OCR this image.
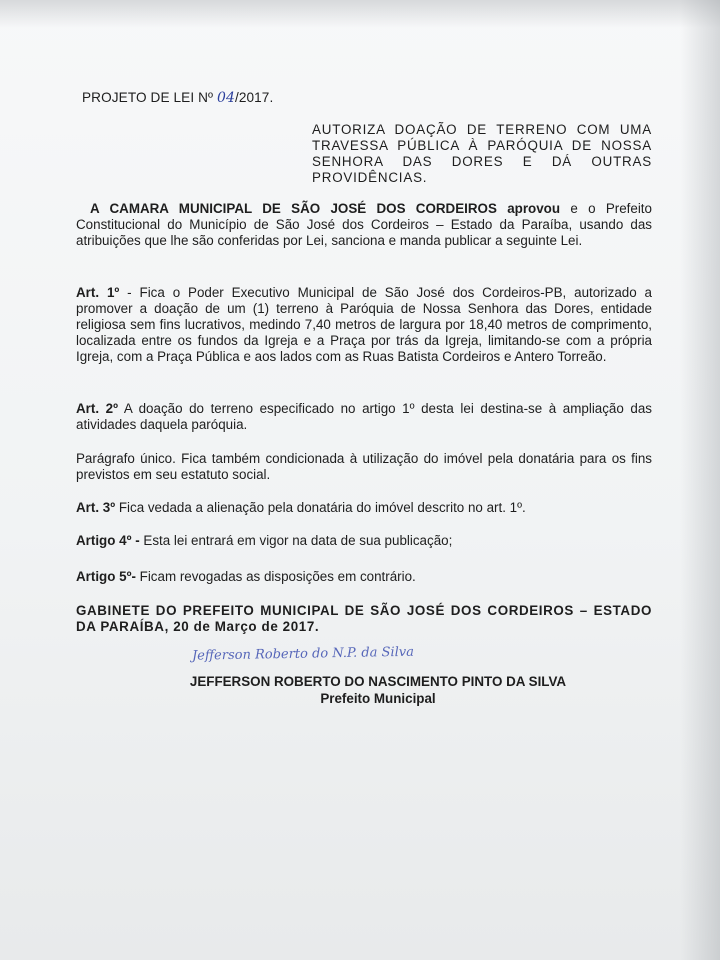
PROJETO DE LEI Nº 04/2017.
AUTORIZA DOAÇÃO DE TERRENO COM UMA TRAVESSA PÚBLICA À PARÓQUIA DE NOSSA SENHORA DAS DORES E DÁ OUTRAS PROVIDÊNCIAS.

A CAMARA MUNICIPAL DE SÃO JOSÉ DOS CORDEIROS aprovou e o Prefeito Constitucional do Município de São José dos Cordeiros – Estado da Paraíba, usando das atribuições que lhe são conferidas por Lei, sanciona e manda publicar a seguinte Lei.

Art. 1º - Fica o Poder Executivo Municipal de São José dos Cordeiros-PB, autorizado a promover a doação de um (1) terreno à Paróquia de Nossa Senhora das Dores, entidade religiosa sem fins lucrativos, medindo 7,40 metros de largura por 18,40 metros de comprimento, localizada entre os fundos da Igreja e a Praça por trás da Igreja, limitando-se com a própria Igreja, com a Praça Pública e aos lados com as Ruas Batista Cordeiros e Antero Torreão.

Art. 2º A doação do terreno especificado no artigo 1º desta lei destina-se à ampliação das atividades daquela paróquia.

Parágrafo único. Fica também condicionada à utilização do imóvel pela donatária para os fins previstos em seu estatuto social.

Art. 3º Fica vedada a alienação pela donatária do imóvel descrito no art. 1º.

Artigo 4º - Esta lei entrará em vigor na data de sua publicação;

Artigo 5º- Ficam revogadas as disposições em contrário.

GABINETE DO PREFEITO MUNICIPAL DE SÃO JOSÉ DOS CORDEIROS – ESTADO DA PARAÍBA, 20 de Março de 2017.

Jefferson Roberto do N.P. da Silva
JEFFERSON ROBERTO DO NASCIMENTO PINTO DA SILVA
Prefeito Municipal
